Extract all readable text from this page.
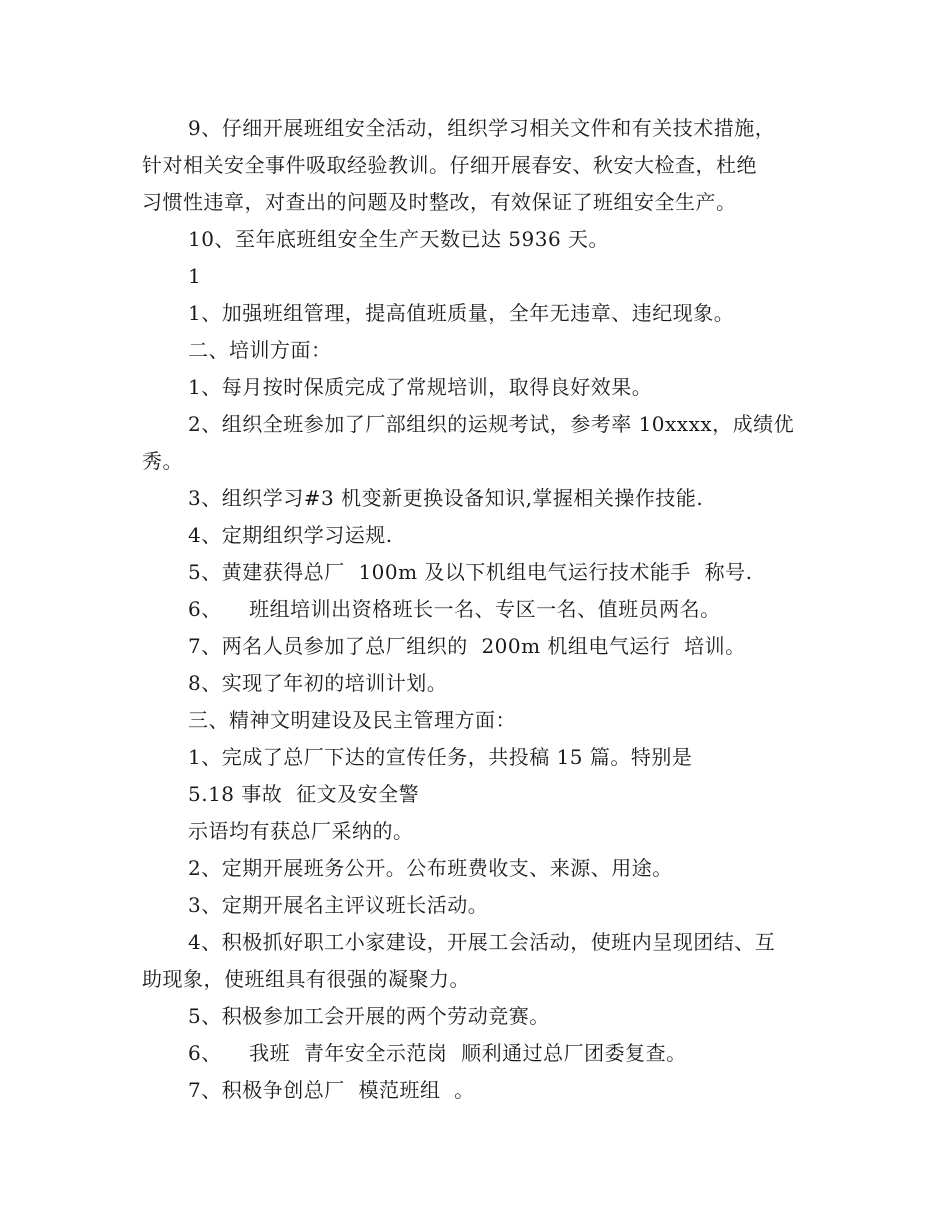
9、仔细开展班组安全活动，组织学习相关文件和有关技术措施，
针对相关安全事件吸取经验教训。仔细开展春安、秋安大检查，杜绝
习惯性违章，对查出的问题及时整改，有效保证了班组安全生产。
10、至年底班组安全生产天数已达 5936 天。
1
1、加强班组管理，提高值班质量，全年无违章、违纪现象。
二、培训方面：
1、每月按时保质完成了常规培训，取得良好效果。
2、组织全班参加了厂部组织的运规考试，参考率 10xxxx，成绩优
秀。
3、组织学习#3 机变新更换设备知识,掌握相关操作技能.
4、定期组织学习运规.
5、黄建获得总厂  100m 及以下机组电气运行技术能手  称号.
6、    班组培训出资格班长一名、专区一名、值班员两名。
7、两名人员参加了总厂组织的  200m 机组电气运行  培训。
8、实现了年初的培训计划。
三、精神文明建设及民主管理方面：
1、完成了总厂下达的宣传任务，共投稿 15 篇。特别是
5.18 事故  征文及安全警
示语均有获总厂采纳的。
2、定期开展班务公开。公布班费收支、来源、用途。
3、定期开展名主评议班长活动。
4、积极抓好职工小家建设，开展工会活动，使班内呈现团结、互
助现象，使班组具有很强的凝聚力。
5、积极参加工会开展的两个劳动竞赛。
6、    我班  青年安全示范岗  顺利通过总厂团委复查。
7、积极争创总厂  模范班组  。
